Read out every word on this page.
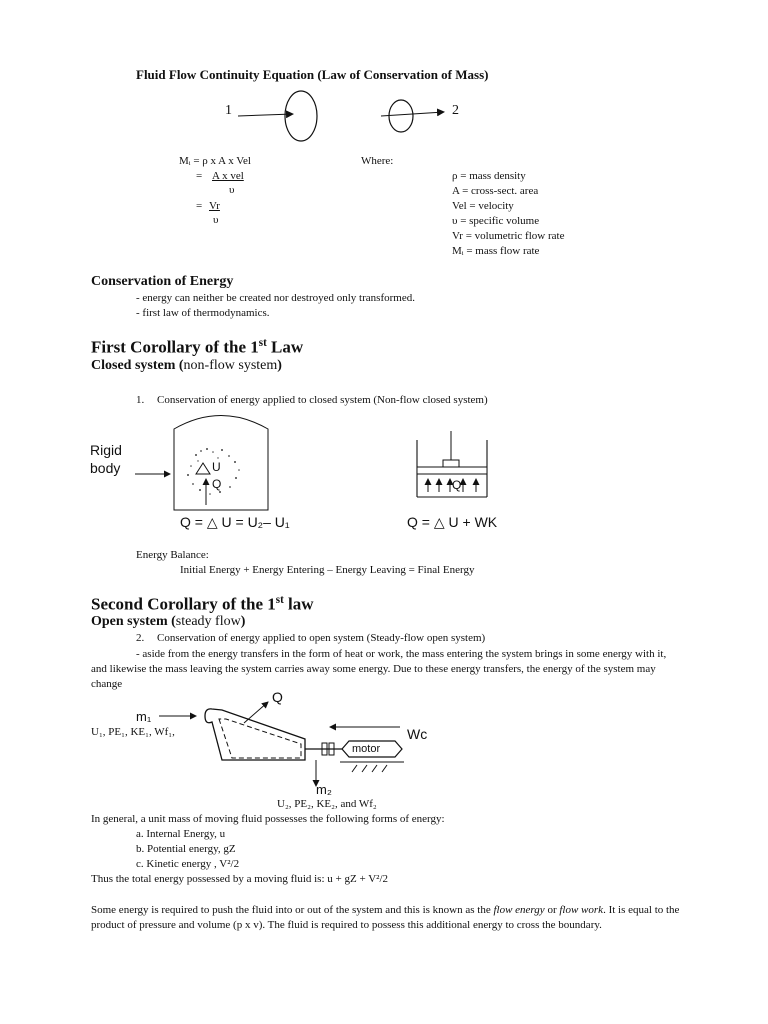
Fluid Flow Continuity Equation (Law of Conservation of Mass)
1	2
Mᵢ = ρ x A x Vel
= A x vel
υ
= Vr
υ
Where:
ρ = mass density
A = cross-sect. area
Vel = velocity
υ = specific volume
Vr = volumetric flow rate
Mᵢ = mass flow rate
Conservation of Energy
- energy can neither be created nor destroyed only transformed.
- first law of thermodynamics.
First Corollary of the 1st Law
Closed system (non-flow system)
1. Conservation of energy applied to closed system (Non-flow closed system)
Rigid
body	U
Q	Q
Q = △ U = U₂– U₁	Q = △ U + WK
Energy Balance:
Initial Energy + Energy Entering – Energy Leaving = Final Energy
Second Corollary of the 1st law
Open system (steady flow)
2. Conservation of energy applied to open system (Steady-flow open system)
- aside from the energy transfers in the form of heat or work, the mass entering the system brings in some energy with it, and likewise the mass leaving the system carries away some energy. Due to these energy transfers, the energy of the system may change
Q
m₁
U₁, PE₁, KE₁, Wf₁,	Wc
motor
m₂
U₂, PE₂, KE₂, and Wf₂
In general, a unit mass of moving fluid possesses the following forms of energy:
a. Internal Energy, u
b. Potential energy, gZ
c. Kinetic energy , V²/2
Thus the total energy possessed by a moving fluid is: u + gZ + V²/2
Some energy is required to push the fluid into or out of the system and this is known as the flow energy or flow work. It is equal to the product of pressure and volume (p x v). The fluid is required to possess this additional energy to cross the boundary.
